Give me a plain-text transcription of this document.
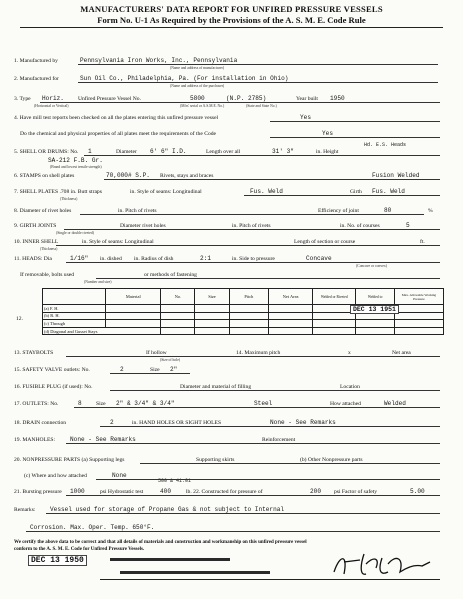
MANUFACTURERS' DATA REPORT FOR UNFIRED PRESSURE VESSELS
Form No. U-1 As Required by the Provisions of the A. S. M. E. Code Rule
1. Manufactured by	Pennsylvania Iron Works, Inc., Pennsylvania
(Name and address of manufacturer)
2. Manufactured for	Sun Oil Co., Philadelphia, Pa. (For installation in Ohio)
(Name and address of the purchaser)
3. Type Horiz.	Unfired Pressure Vessel No.	5800	(N.P. 2785)	Year built 1950
(Horizontal or Vertical)	(Mfrs' serial or A.S.M.E. No.)	(State and State No.)
4. Have mill test reports been checked on all the plates entering this unfired pressure vessel	Yes
Do the chemical and physical properties of all plates meet the requirements of the Code	Yes
5. SHELL OR DRUMS: No. 1	Diameter 6' 6" I.D.	Length over all	31' 3"	in. Height
Hd. E.S. Heads
SA-212 F.B. Gr.
(Brand and lowest tensile strength)
6. STAMPS on shell plates	70,000# S.P. Rivets, stays and braces	Fusion Welded
7. SHELL PLATES .708 in. Butt straps	in. Style of seams: Longitudinal	Fus. Weld	Girth Fus. Weld
(Thickness)
8. Diameter of rivet holes	in. Pitch of rivets	Efficiency of joint	80	%
9. GIRTH JOINTS	Diameter rivet holes	in. Pitch of rivets	in. No. of courses	5
(Single or double riveted)
10. INNER SHELL	in. Style of seams: Longitudinal	Length of section or course	ft.
(Thickness)
11. HEADS: Dia	1/16" in. dished	2:1
in. Radius of dish	in. Side to pressure	Concave
(Concave or convex)
If removable, bolts used	or methods of fastening
(Number and size)
12.
	Material	No.	Size	Pitch	Net Area	Welded or Riveted	Welded to	Max. Allowable Working Pressure
(a) F. H.								
(b) R. H.								
(c) Through								
(d) Diagonal and Gusset Stays								
DEC 13 1951
13. STAYBOLTS	If hollow	14. Maximum pitch	x	Net area
(Size of hole)
15. SAFETY VALVE outlets: No.	2	Size 2"
16. FUSIBLE PLUG (if used): No.	Diameter and material of filling	Location
17. OUTLETS: No.	8	Size 2" & 3/4" & 3/4"	Steel	How attached	Welded
18. DRAIN connection	2	in. HAND HOLES OR SIGHT HOLES	None - See Remarks
19. MANHOLES: None - See Remarks	Reinforcement
20. NONPRESSURE PARTS (a) Supporting legs	Supporting skirts	(b) Other Nonpressure parts
(c) Where and how attached	None
500 & 41.01
21. Bursting pressure 1000	psi Hydrostatic test	400	lb. 22. Constructed for pressure of	200 psi Factor of safety	5.00
Remarks: Vessel used for storage of Propane Gas & not subject to Internal
Corrosion. Max. Oper. Temp. 650°F.
We certify the above data to be correct and that all details of materials and construction and workmanship on this unfired pressure vessel
conform to the A. S. M. E. Code for Unfired Pressure Vessels.
DEC 13 1950
